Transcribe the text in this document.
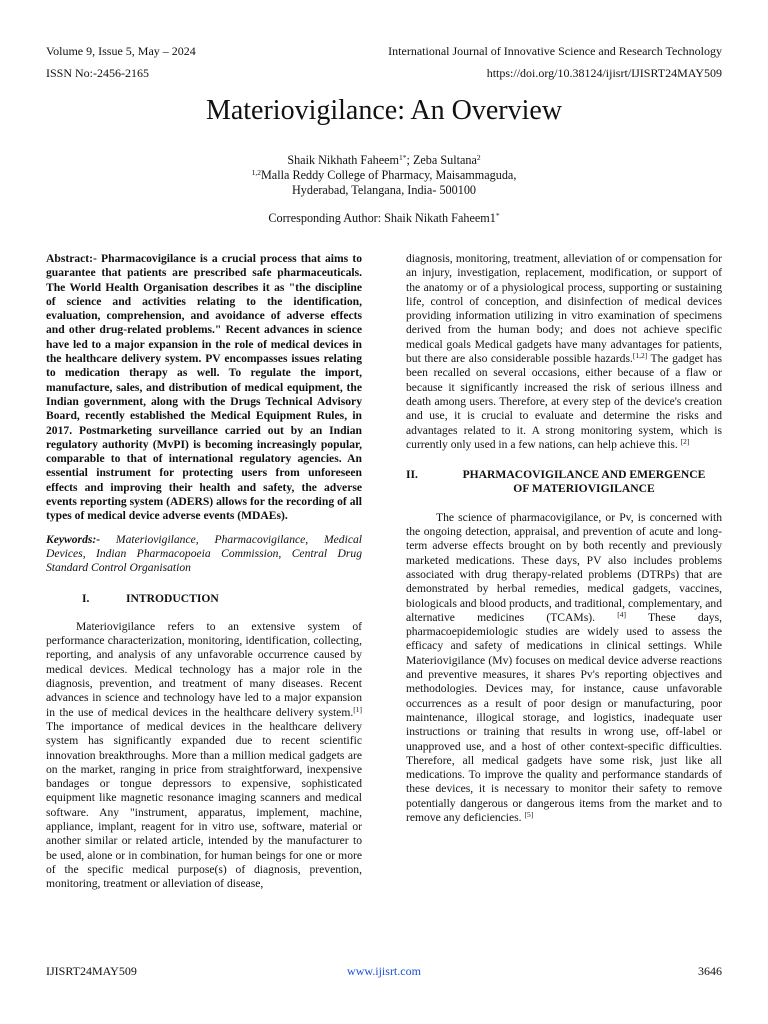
Volume 9, Issue 5, May – 2024
ISSN No:-2456-2165
International Journal of Innovative Science and Research Technology
https://doi.org/10.38124/ijisrt/IJISRT24MAY509
Materiovigilance: An Overview
Shaik Nikhath Faheem$^{1*}$; Zeba Sultana$^2$
$^{1,2}$Malla Reddy College of Pharmacy, Maisammaguda,
Hyderabad, Telangana, India- 500100
Corresponding Author: Shaik Nikath Faheem1*

Abstract:- Pharmacovigilance is a crucial process that aims to guarantee that patients are prescribed safe pharmaceuticals. The World Health Organisation describes it as "the discipline of science and activities relating to the identification, evaluation, comprehension, and avoidance of adverse effects and other drug-related problems." Recent advances in science have led to a major expansion in the role of medical devices in the healthcare delivery system. PV encompasses issues relating to medication therapy as well. To regulate the import, manufacture, sales, and distribution of medical equipment, the Indian government, along with the Drugs Technical Advisory Board, recently established the Medical Equipment Rules, in 2017. Postmarketing surveillance carried out by an Indian regulatory authority (MvPI) is becoming increasingly popular, comparable to that of international regulatory agencies. An essential instrument for protecting users from unforeseen effects and improving their health and safety, the adverse events reporting system (ADERS) allows for the recording of all types of medical device adverse events (MDAEs).

Keywords:- Materiovigilance, Pharmacovigilance, Medical Devices, Indian Pharmacopoeia Commission, Central Drug Standard Control Organisation

I.	INTRODUCTION

Materiovigilance refers to an extensive system of performance characterization, monitoring, identification, collecting, reporting, and analysis of any unfavorable occurrence caused by medical devices. Medical technology has a major role in the diagnosis, prevention, and treatment of many diseases. Recent advances in science and technology have led to a major expansion in the use of medical devices in the healthcare delivery system.[1] The importance of medical devices in the healthcare delivery system has significantly expanded due to recent scientific innovation breakthroughs. More than a million medical gadgets are on the market, ranging in price from straightforward, inexpensive bandages or tongue depressors to expensive, sophisticated equipment like magnetic resonance imaging scanners and medical software. Any "instrument, apparatus, implement, machine, appliance, implant, reagent for in vitro use, software, material or another similar or related article, intended by the manufacturer to be used, alone or in combination, for human beings for one or more of the specific medical purpose(s) of diagnosis, prevention, monitoring, treatment or alleviation of disease,

diagnosis, monitoring, treatment, alleviation of or compensation for an injury, investigation, replacement, modification, or support of the anatomy or of a physiological process, supporting or sustaining life, control of conception, and disinfection of medical devices providing information utilizing in vitro examination of specimens derived from the human body; and does not achieve specific medical goals Medical gadgets have many advantages for patients, but there are also considerable possible hazards.[1,2] The gadget has been recalled on several occasions, either because of a flaw or because it significantly increased the risk of serious illness and death among users. Therefore, at every step of the device's creation and use, it is crucial to evaluate and determine the risks and advantages related to it. A strong monitoring system, which is currently only used in a few nations, can help achieve this. [2]

II.	PHARMACOVIGILANCE AND EMERGENCE
OF MATERIOVIGILANCE

The science of pharmacovigilance, or Pv, is concerned with the ongoing detection, appraisal, and prevention of acute and long-term adverse effects brought on by both recently and previously marketed medications. These days, PV also includes problems associated with drug therapy-related problems (DTRPs) that are demonstrated by herbal remedies, medical gadgets, vaccines, biologicals and blood products, and traditional, complementary, and alternative medicines (TCAMs). [4] These days, pharmacoepidemiologic studies are widely used to assess the efficacy and safety of medications in clinical settings. While Materiovigilance (Mv) focuses on medical device adverse reactions and preventive measures, it shares Pv's reporting objectives and methodologies. Devices may, for instance, cause unfavorable occurrences as a result of poor design or manufacturing, poor maintenance, illogical storage, and logistics, inadequate user instructions or training that results in wrong use, off-label or unapproved use, and a host of other context-specific difficulties. Therefore, all medical gadgets have some risk, just like all medications. To improve the quality and performance standards of these devices, it is necessary to monitor their safety to remove potentially dangerous or dangerous items from the market and to remove any deficiencies. [5]

IJISRT24MAY509	www.ijisrt.com	3646
